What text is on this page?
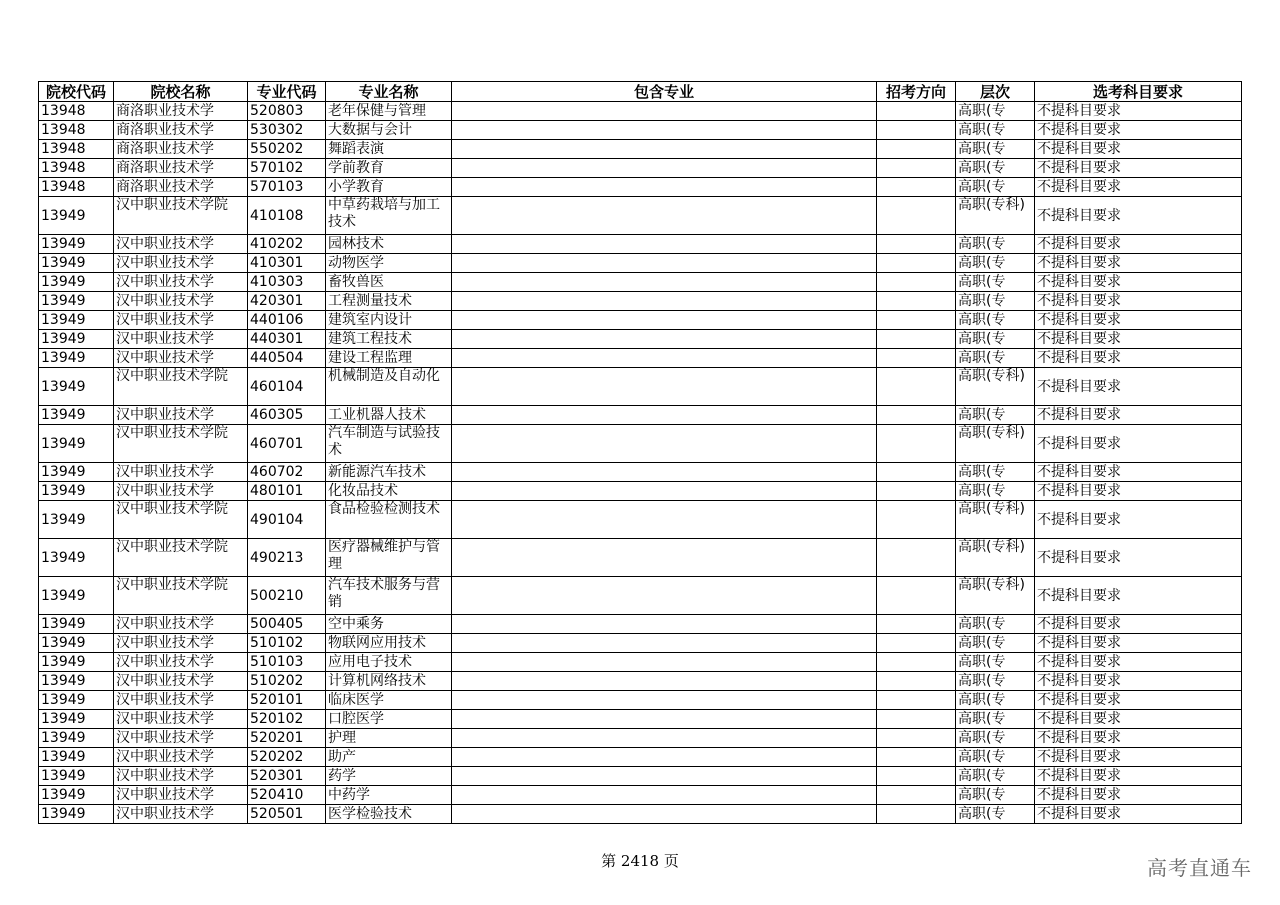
院校代码	院校名称	专业代码	专业名称	包含专业	招考方向	层次	选考科目要求
13948	商洛职业技术学	520803	老年保健与管理			高职(专	不提科目要求
13948	商洛职业技术学	530302	大数据与会计			高职(专	不提科目要求
13948	商洛职业技术学	550202	舞蹈表演			高职(专	不提科目要求
13948	商洛职业技术学	570102	学前教育			高职(专	不提科目要求
13948	商洛职业技术学	570103	小学教育			高职(专	不提科目要求
13949	汉中职业技术学院	410108	中草药栽培与加工技术			高职(专科)	不提科目要求
13949	汉中职业技术学	410202	园林技术			高职(专	不提科目要求
13949	汉中职业技术学	410301	动物医学			高职(专	不提科目要求
13949	汉中职业技术学	410303	畜牧兽医			高职(专	不提科目要求
13949	汉中职业技术学	420301	工程测量技术			高职(专	不提科目要求
13949	汉中职业技术学	440106	建筑室内设计			高职(专	不提科目要求
13949	汉中职业技术学	440301	建筑工程技术			高职(专	不提科目要求
13949	汉中职业技术学	440504	建设工程监理			高职(专	不提科目要求
13949	汉中职业技术学院	460104	机械制造及自动化			高职(专科)	不提科目要求
13949	汉中职业技术学	460305	工业机器人技术			高职(专	不提科目要求
13949	汉中职业技术学院	460701	汽车制造与试验技术			高职(专科)	不提科目要求
13949	汉中职业技术学	460702	新能源汽车技术			高职(专	不提科目要求
13949	汉中职业技术学	480101	化妆品技术			高职(专	不提科目要求
13949	汉中职业技术学院	490104	食品检验检测技术			高职(专科)	不提科目要求
13949	汉中职业技术学院	490213	医疗器械维护与管理			高职(专科)	不提科目要求
13949	汉中职业技术学院	500210	汽车技术服务与营销			高职(专科)	不提科目要求
13949	汉中职业技术学	500405	空中乘务			高职(专	不提科目要求
13949	汉中职业技术学	510102	物联网应用技术			高职(专	不提科目要求
13949	汉中职业技术学	510103	应用电子技术			高职(专	不提科目要求
13949	汉中职业技术学	510202	计算机网络技术			高职(专	不提科目要求
13949	汉中职业技术学	520101	临床医学			高职(专	不提科目要求
13949	汉中职业技术学	520102	口腔医学			高职(专	不提科目要求
13949	汉中职业技术学	520201	护理			高职(专	不提科目要求
13949	汉中职业技术学	520202	助产			高职(专	不提科目要求
13949	汉中职业技术学	520301	药学			高职(专	不提科目要求
13949	汉中职业技术学	520410	中药学			高职(专	不提科目要求
13949	汉中职业技术学	520501	医学检验技术			高职(专	不提科目要求
第 2418 页	高考直通车
